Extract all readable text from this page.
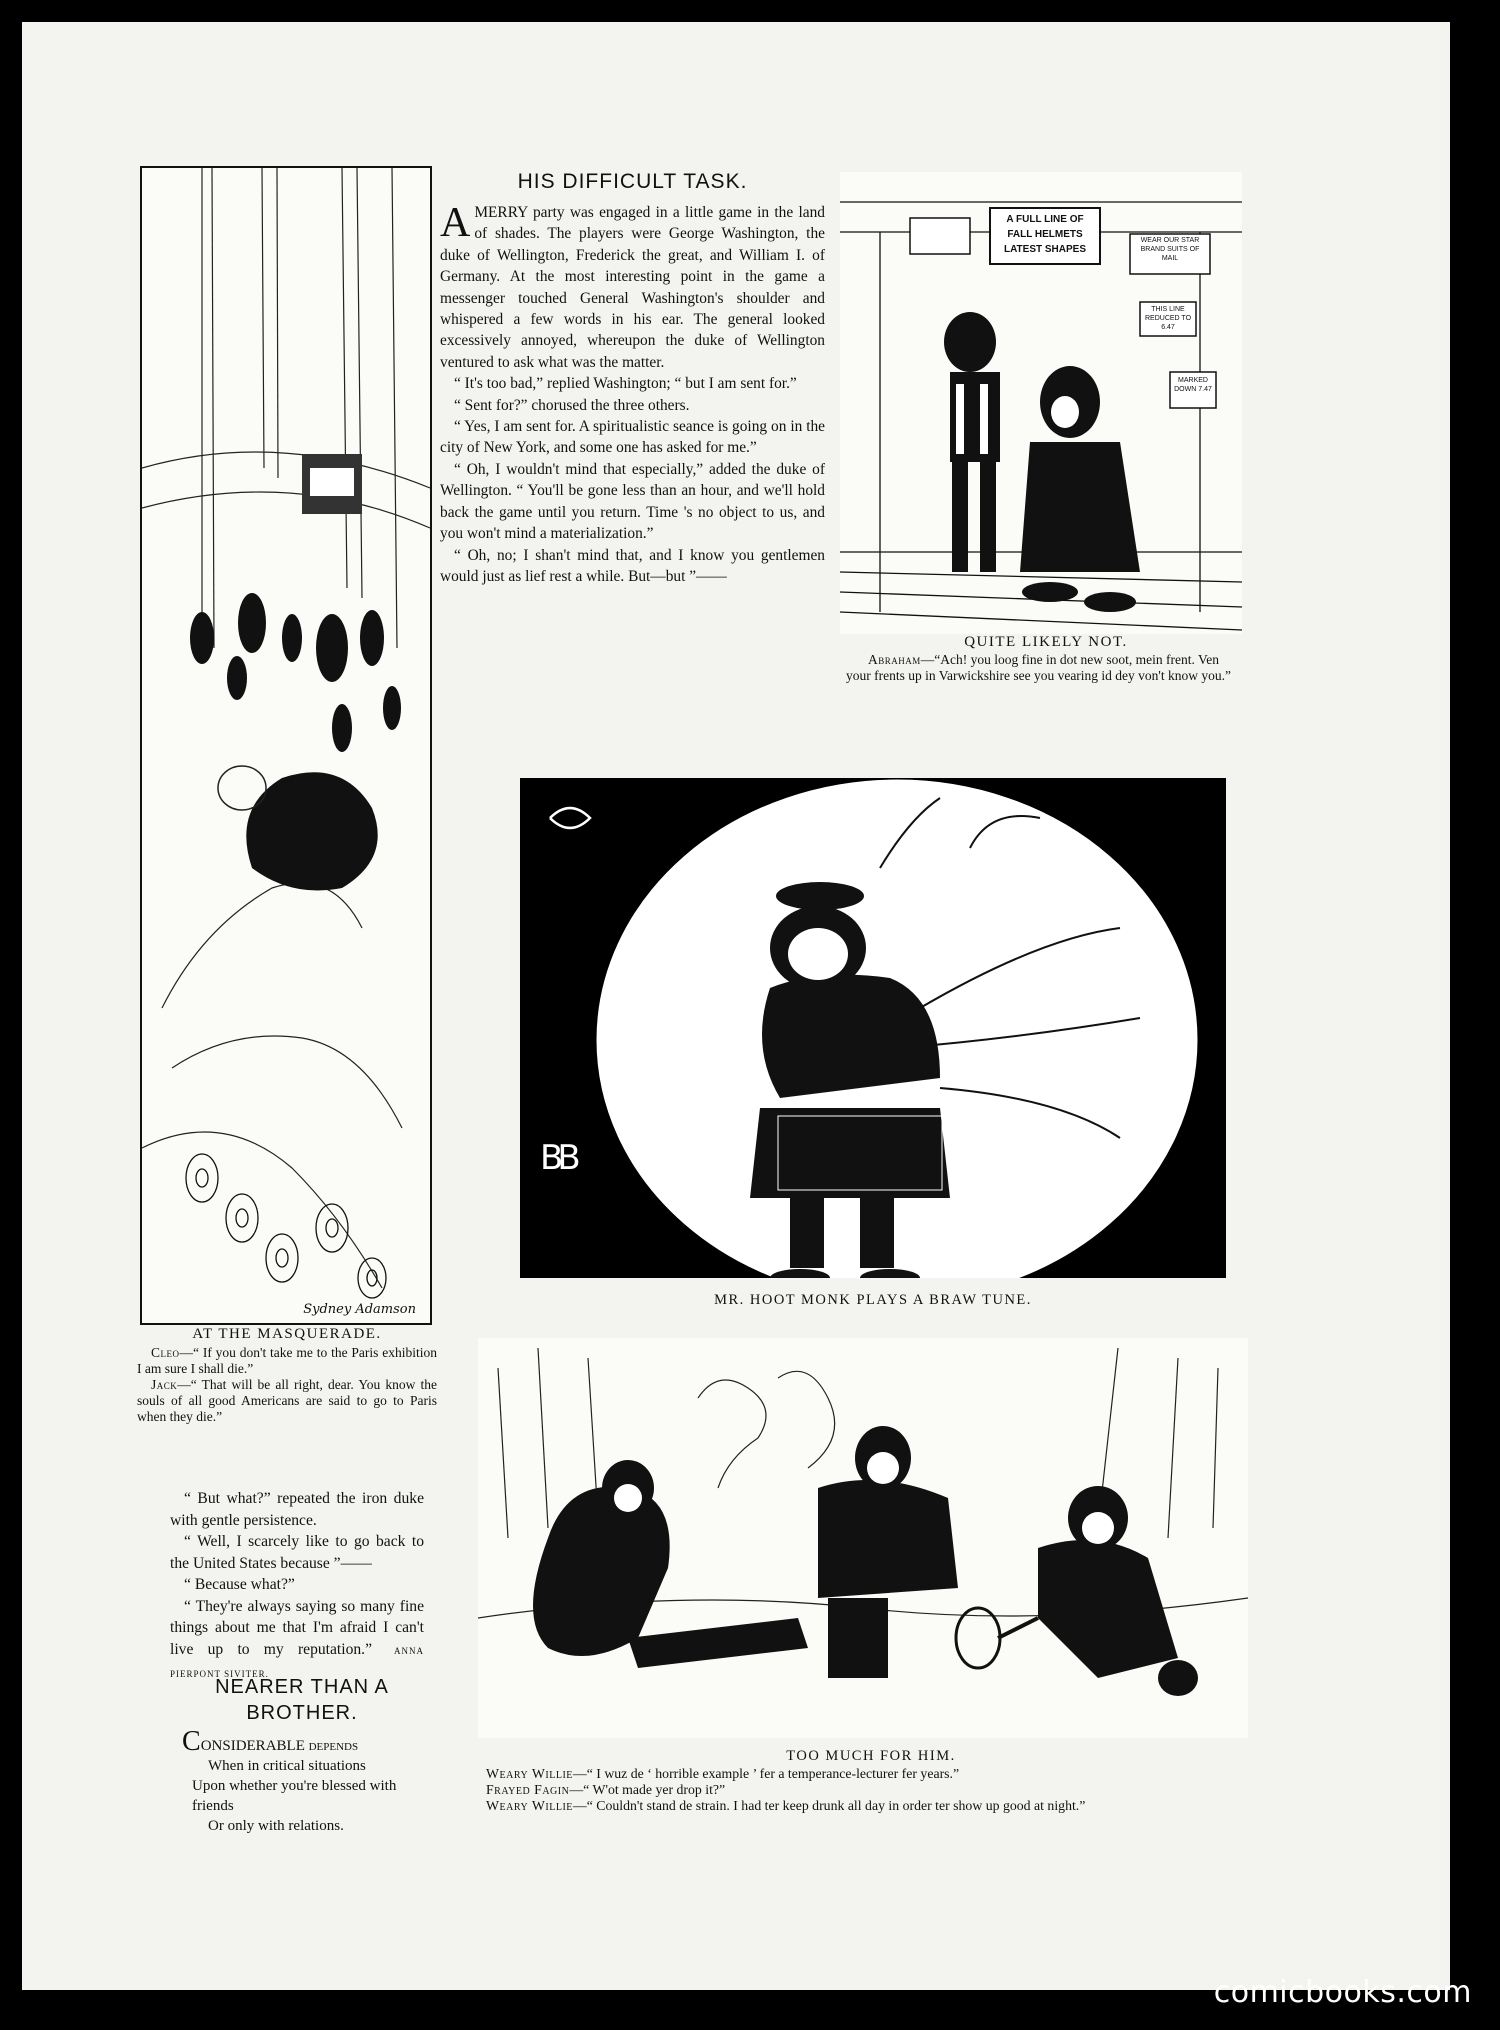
Sydney Adamson
AT THE MASQUERADE.
Cleo—“ If you don't take me to the Paris exhibition I am sure I shall die.”
Jack—“ That will be all right, dear. You know the souls of all good Americans are said to go to Paris when they die.”

“ But what?” repeated the iron duke with gentle persistence.

“ Well, I scarcely like to go back to the United States because ”——

“ Because what?”

“ They're always saying so many fine things about me that I'm afraid I can't live up to my reputation.” ANNA PIERPONT SIVITER.

NEARER THAN A BROTHER.
CONSIDERABLE depends
When in critical situations
Upon whether you're blessed with friends
Or only with relations.
HIS DIFFICULT TASK.

AMERRY party was engaged in a little game in the land of shades. The players were George Washington, the duke of Wellington, Frederick the great, and William I. of Germany. At the most interesting point in the game a messenger touched General Washington's shoulder and whispered a few words in his ear. The general looked excessively annoyed, whereupon the duke of Wellington ventured to ask what was the matter.

“ It's too bad,” replied Washington; “ but I am sent for.”

“ Sent for?” chorused the three others.

“ Yes, I am sent for. A spiritualistic seance is going on in the city of New York, and some one has asked for me.”

“ Oh, I wouldn't mind that especially,” added the duke of Wellington. “ You'll be gone less than an hour, and we'll hold back the game until you return. Time 's no object to us, and you won't mind a materialization.”

“ Oh, no; I shan't mind that, and I know you gentlemen would just as lief rest a while. But—but ”——

A FULL LINE OF
FALL HELMETS
LATEST SHAPES
WEAR OUR STAR BRAND SUITS OF MAIL
THIS LINE REDUCED TO 6.47
MARKED DOWN 7.47
QUITE LIKELY NOT.
Abraham—“Ach! you loog fine in dot new soot, mein frent. Ven your frents up in Varwickshire see you vearing id dey von't know you.”
BB
MR. HOOT MONK PLAYS A BRAW TUNE.
TOO MUCH FOR HIM.
Weary Willie—“ I wuz de ‘ horrible example ’ fer a temperance-lecturer fer years.”
Frayed Fagin—“ W'ot made yer drop it?”
Weary Willie—“ Couldn't stand de strain. I had ter keep drunk all day in order ter show up good at night.”
comicbooks.com
